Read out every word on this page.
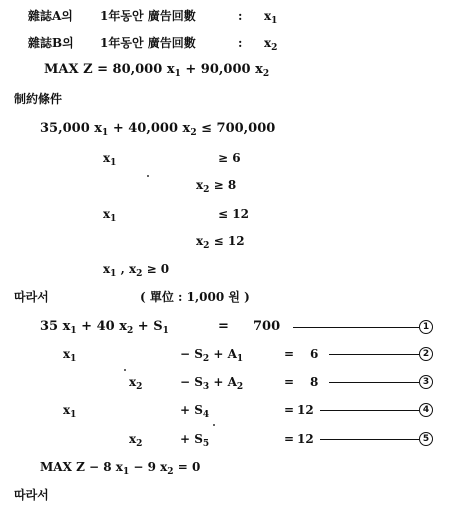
雜誌A의 1年동안 廣告回數	: $x_1$
雜誌B의 1年동안 廣告回數	: $x_2$
MAX Z = 80,000 $x_1 + 90,000$ $x_2$
制約條件
35,000 $x_1 + 40,000$ $x_2 \le 700,000$
$x_1$	≥ 6
$x_2 \ge 8$
$x_1$	≤ 12
$x_2 \le 12$
$x_1$ , $x_2 \ge 0$
따라서	( 單位 : 1,000 원 )
35 $x_1 + 40$ $x_2 + S_1$	= 700	1
$x_1$	− $S_2 + A_1$	= 6	2
$x_2$	− $S_3 + A_2$	= 8	3
$x_1$	+ $S_4$	= 12	4
$x_2$	+ $S_5$	= 12	5
MAX Z − 8 $x_1 - 9$ $x_2 = 0$
따라서
